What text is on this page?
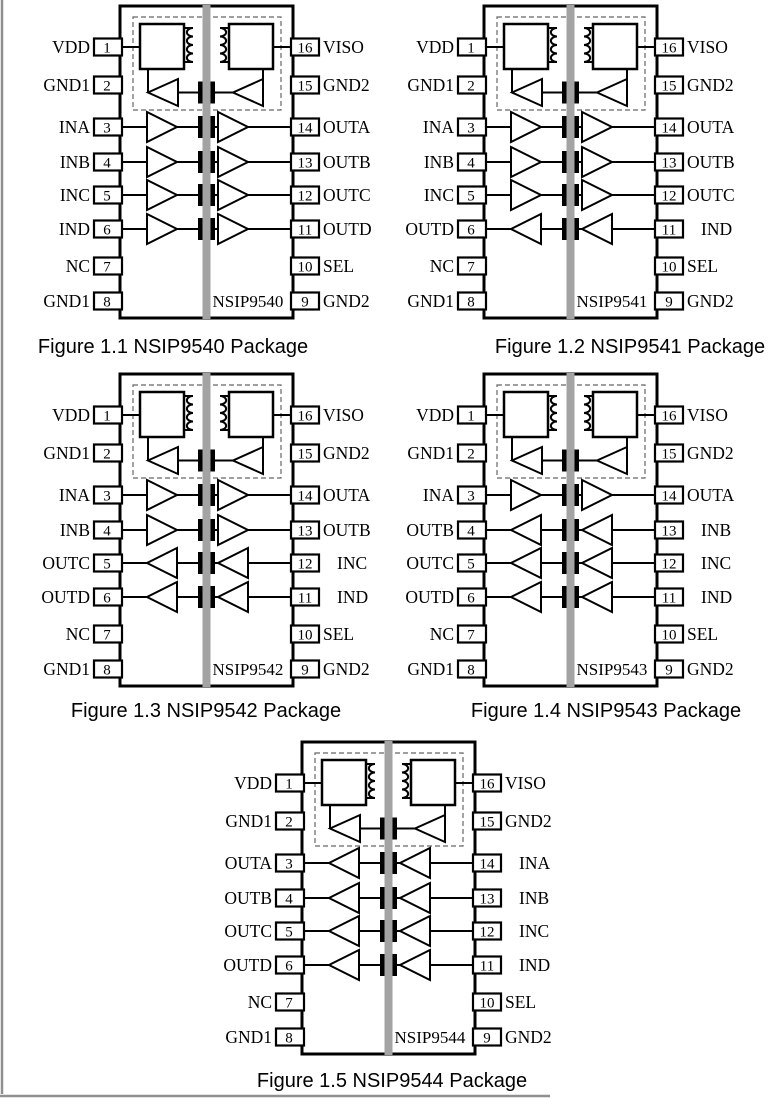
1
VDD
2
GND1
3
INA
4
INB
5
INC
6
IND
7
NC
8
GND1
16 VISO
15 GND2
14 OUTA
13 OUTB
12 OUTC
11 OUTD
10 SEL
9 GND2
NSIP9540
1
VDD
2
GND1
3
INA
4
INB
5
INC
6
OUTD
7
NC
8
GND1
16 VISO
15 GND2
14 OUTA
13 OUTB
12 OUTC
11 IND
10 SEL
9 GND2
NSIP9541
1
VDD
2
GND1
3
INA
4
INB
5
OUTC
6
OUTD
7
NC
8
GND1
16 VISO
15 GND2
14 OUTA
13 OUTB
12 INC
11 IND
10 SEL
9 GND2
NSIP9542
1
VDD
2
GND1
3
INA
4
OUTB
5
OUTC
6
OUTD
7
NC
8
GND1
16 VISO
15 GND2
14 OUTA
13 INB
12 INC
11 IND
10 SEL
9 GND2
NSIP9543
1
VDD
2
GND1
3
OUTA
4
OUTB
5
OUTC
6
OUTD
7
NC
8
GND1
16 VISO
15 GND2
14 INA
13 INB
12 INC
11 IND
10 SEL
9 GND2
NSIP9544
Figure 1.1 NSIP9540 Package	Figure 1.2 NSIP9541 Package
Figure 1.3 NSIP9542 Package	Figure 1.4 NSIP9543 Package
Figure 1.5 NSIP9544 Package
